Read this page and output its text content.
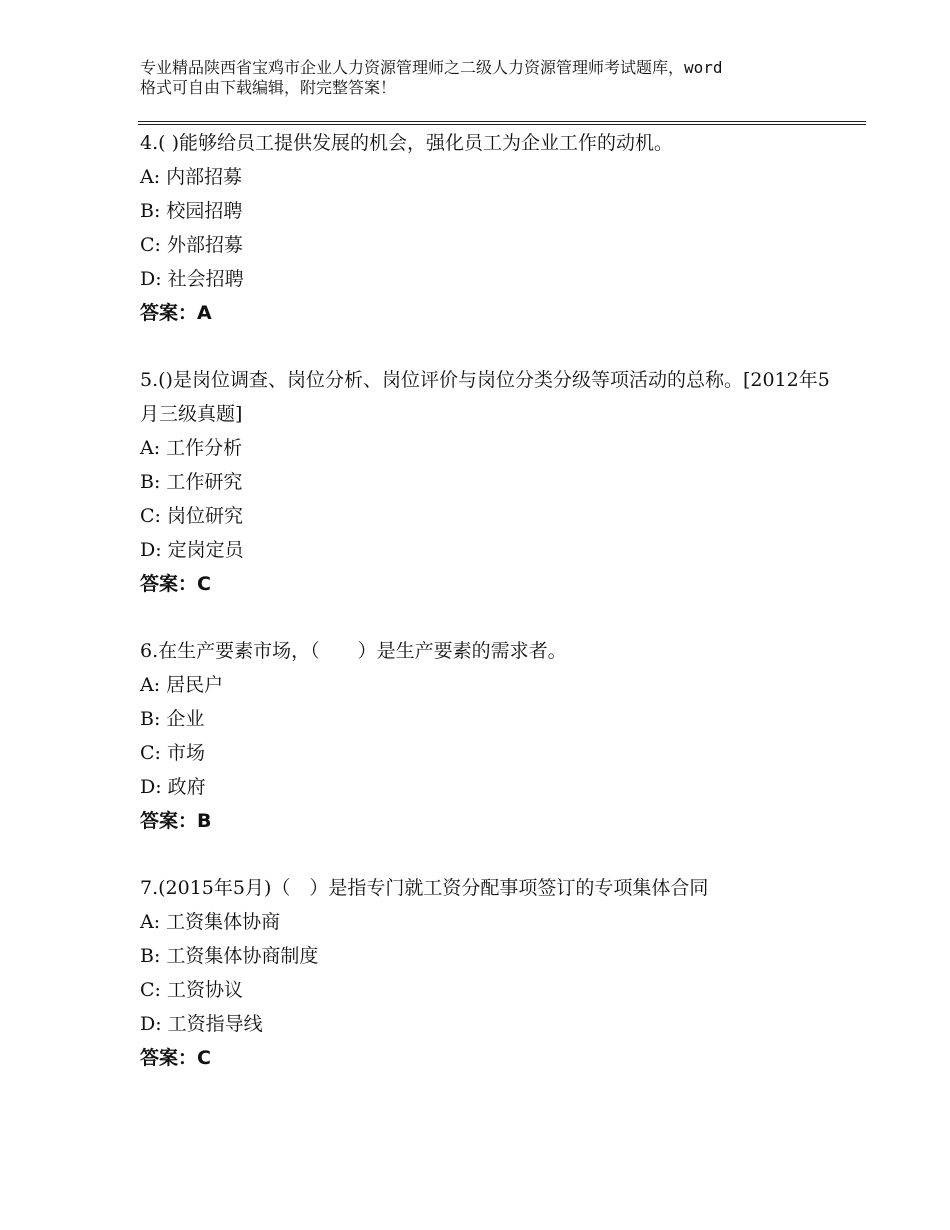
专业精品陕西省宝鸡市企业人力资源管理师之二级人力资源管理师考试题库，word
格式可自由下载编辑，附完整答案！
4.( )能够给员工提供发展的机会，强化员工为企业工作的动机。
A: 内部招募
B: 校园招聘
C: 外部招募
D: 社会招聘
答案：A
5.()是岗位调查、岗位分析、岗位评价与岗位分类分级等项活动的总称。[2012年5月三级真题]
A: 工作分析
B: 工作研究
C: 岗位研究
D: 定岗定员
答案：C
6.在生产要素市场，（　　）是生产要素的需求者。
A: 居民户
B: 企业
C: 市场
D: 政府
答案：B
7.(2015年5月)（　）是指专门就工资分配事项签订的专项集体合同
A: 工资集体协商
B: 工资集体协商制度
C: 工资协议
D: 工资指导线
答案：C
